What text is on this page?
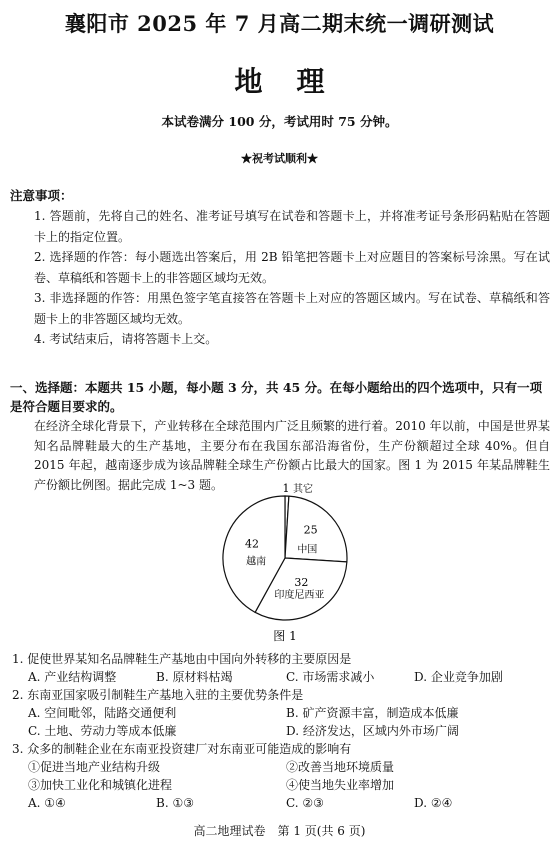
襄阳市 2025 年 7 月高二期末统一调研测试
地理
本试卷满分 100 分，考试用时 75 分钟。
★祝考试顺利★
注意事项：
1. 答题前，先将自己的姓名、准考证号填写在试卷和答题卡上，并将准考证号条形码粘贴在答题卡上的指定位置。
2. 选择题的作答：每小题选出答案后，用 2B 铅笔把答题卡上对应题目的答案标号涂黑。写在试卷、草稿纸和答题卡上的非答题区域均无效。
3. 非选择题的作答：用黑色签字笔直接答在答题卡上对应的答题区域内。写在试卷、草稿纸和答题卡上的非答题区域均无效。
4. 考试结束后，请将答题卡上交。
一、选择题：本题共 15 小题，每小题 3 分，共 45 分。在每小题给出的四个选项中，只有一项是符合题目要求的。
在经济全球化背景下，产业转移在全球范围内广泛且频繁的进行着。2010 年以前，中国是世界某知名品牌鞋最大的生产基地，主要分布在我国东部沿海省份，生产份额超过全球 40%。但自 2015 年起，越南逐步成为该品牌鞋全球生产份额占比最大的国家。图 1 为 2015 年某品牌鞋生产份额比例图。据此完成 1~3 题。	其它
1
中国
25
印度尼西亚
32
越南
42
图 1
1. 促使世界某知名品牌鞋生产基地由中国向外转移的主要原因是
A. 产业结构调整	B. 原材料枯竭	C. 市场需求减小	D. 企业竞争加剧
2. 东南亚国家吸引制鞋生产基地入驻的主要优势条件是
A. 空间毗邻，陆路交通便利	B. 矿产资源丰富，制造成本低廉
C. 土地、劳动力等成本低廉	D. 经济发达，区域内外市场广阔
3. 众多的制鞋企业在东南亚投资建厂对东南亚可能造成的影响有
①促进当地产业结构升级	②改善当地环境质量
③加快工业化和城镇化进程	④使当地失业率增加
A. ①④	B. ①③	C. ②③	D. ②④
高二地理试卷　第 1 页(共 6 页)
